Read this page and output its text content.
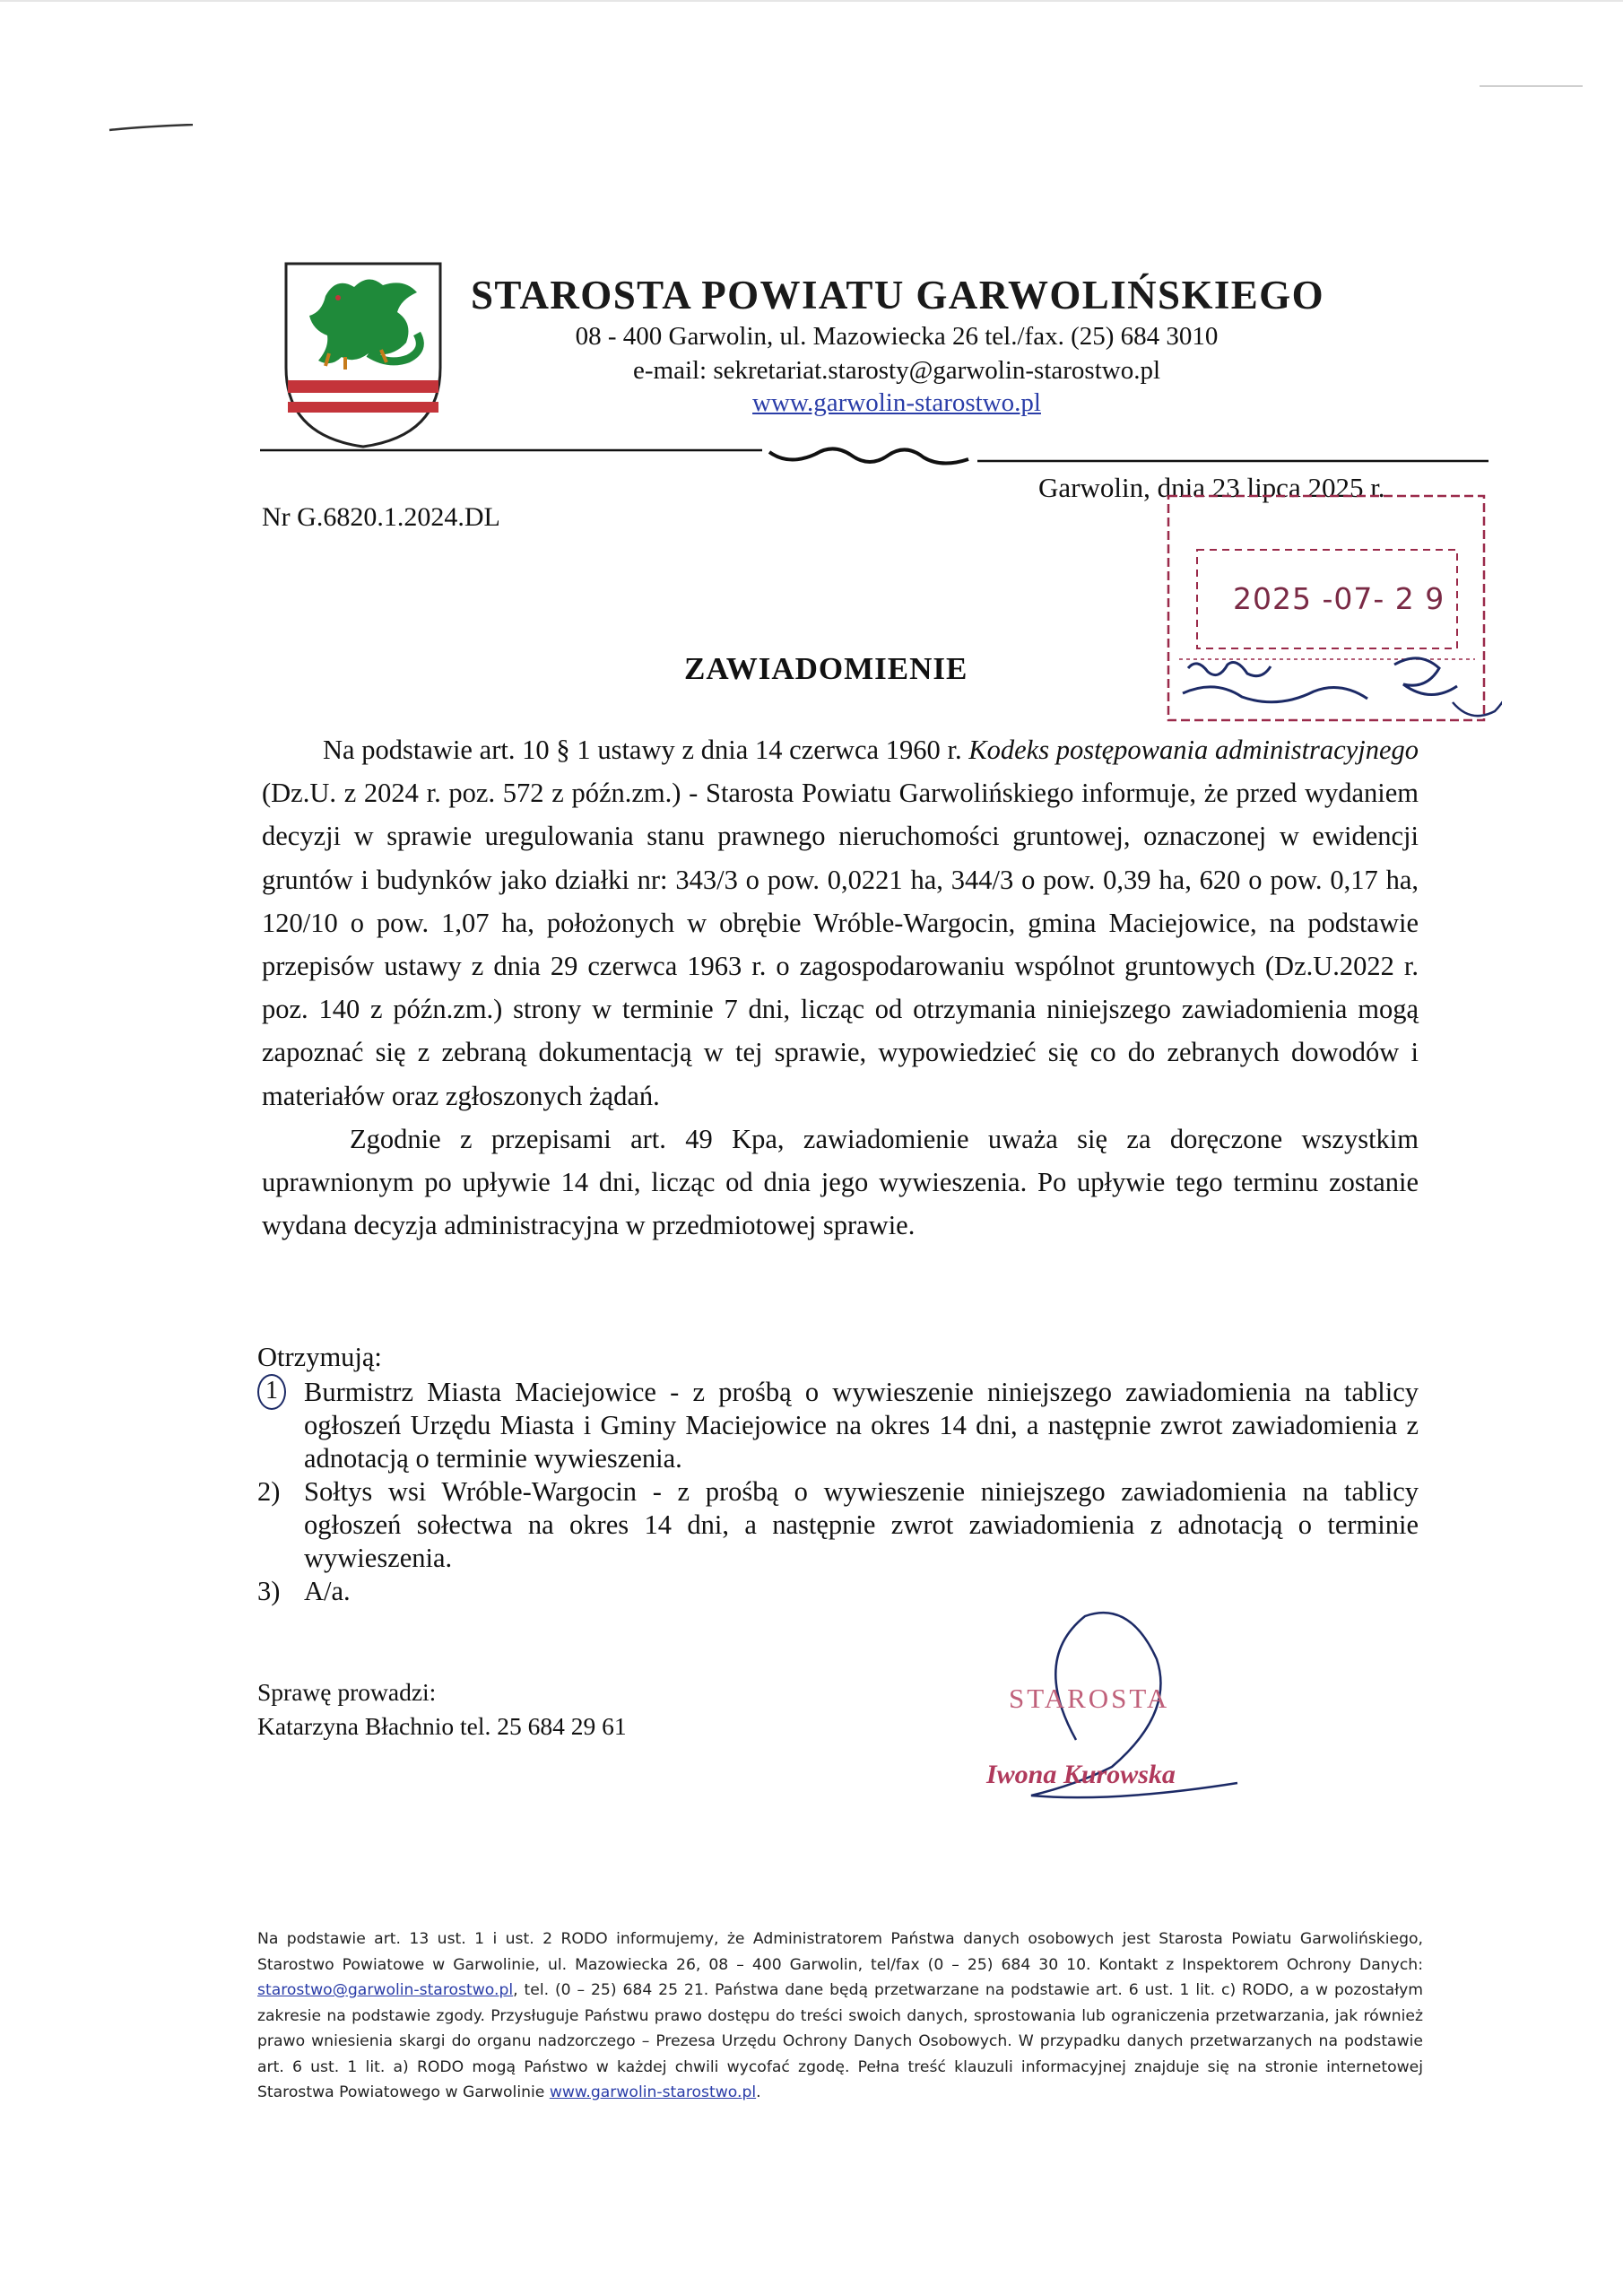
STAROSTA POWIATU GARWOLIŃSKIEGO
08 - 400 Garwolin, ul. Mazowiecka 26 tel./fax. (25) 684 3010
e-mail: sekretariat.starosty@garwolin-starostwo.pl
www.garwolin-starostwo.pl
Garwolin, dnia 23 lipca 2025 r.
Nr G.6820.1.2024.DL
2025 -07- 2 9
ZAWIADOMIENIE

Na podstawie art. 10 § 1 ustawy z dnia 14 czerwca 1960 r. Kodeks postępowania administracyjnego (Dz.U. z 2024 r. poz. 572 z późn.zm.) - Starosta Powiatu Garwolińskiego informuje, że przed wydaniem decyzji w sprawie uregulowania stanu prawnego nieruchomości gruntowej, oznaczonej w ewidencji gruntów i budynków jako działki nr: 343/3 o pow. 0,0221 ha, 344/3 o pow. 0,39 ha, 620 o pow. 0,17 ha, 120/10 o pow. 1,07 ha, położonych w obrębie Wróble-Wargocin, gmina Maciejowice, na podstawie przepisów ustawy z dnia 29 czerwca 1963 r. o zagospodarowaniu wspólnot gruntowych (Dz.U.2022 r. poz. 140 z późn.zm.) strony w terminie 7 dni, licząc od otrzymania niniejszego zawiadomienia mogą zapoznać się z zebraną dokumentacją w tej sprawie, wypowiedzieć się co do zebranych dowodów i materiałów oraz zgłoszonych żądań.

Zgodnie z przepisami art. 49 Kpa, zawiadomienie uważa się za doręczone wszystkim uprawnionym po upływie 14 dni, licząc od dnia jego wywieszenia. Po upływie tego terminu zostanie wydana decyzja administracyjna w przedmiotowej sprawie.

Otrzymują:
1 Burmistrz Miasta Maciejowice - z prośbą o wywieszenie niniejszego zawiadomienia na tablicy ogłoszeń Urzędu Miasta i Gminy Maciejowice na okres 14 dni, a następnie zwrot zawiadomienia z adnotacją o terminie wywieszenia.
2) Sołtys wsi Wróble-Wargocin - z prośbą o wywieszenie niniejszego zawiadomienia na tablicy ogłoszeń sołectwa na okres 14 dni, a następnie zwrot zawiadomienia z adnotacją o terminie wywieszenia.
3) A/a.
Sprawę prowadzi:
Katarzyna Błachnio tel. 25 684 29 61
STAROSTA
Iwona Kurowska
Na podstawie art. 13 ust. 1 i ust. 2 RODO informujemy, że Administratorem Państwa danych osobowych jest Starosta Powiatu Garwolińskiego, Starostwo Powiatowe w Garwolinie, ul. Mazowiecka 26, 08 – 400 Garwolin, tel/fax (0 – 25) 684 30 10. Kontakt z Inspektorem Ochrony Danych: starostwo@garwolin-starostwo.pl, tel. (0 – 25) 684 25 21. Państwa dane będą przetwarzane na podstawie art. 6 ust. 1 lit. c) RODO, a w pozostałym zakresie na podstawie zgody. Przysługuje Państwu prawo dostępu do treści swoich danych, sprostowania lub ograniczenia przetwarzania, jak również prawo wniesienia skargi do organu nadzorczego – Prezesa Urzędu Ochrony Danych Osobowych. W przypadku danych przetwarzanych na podstawie art. 6 ust. 1 lit. a) RODO mogą Państwo w każdej chwili wycofać zgodę. Pełna treść klauzuli informacyjnej znajduje się na stronie internetowej Starostwa Powiatowego w Garwolinie www.garwolin-starostwo.pl.
